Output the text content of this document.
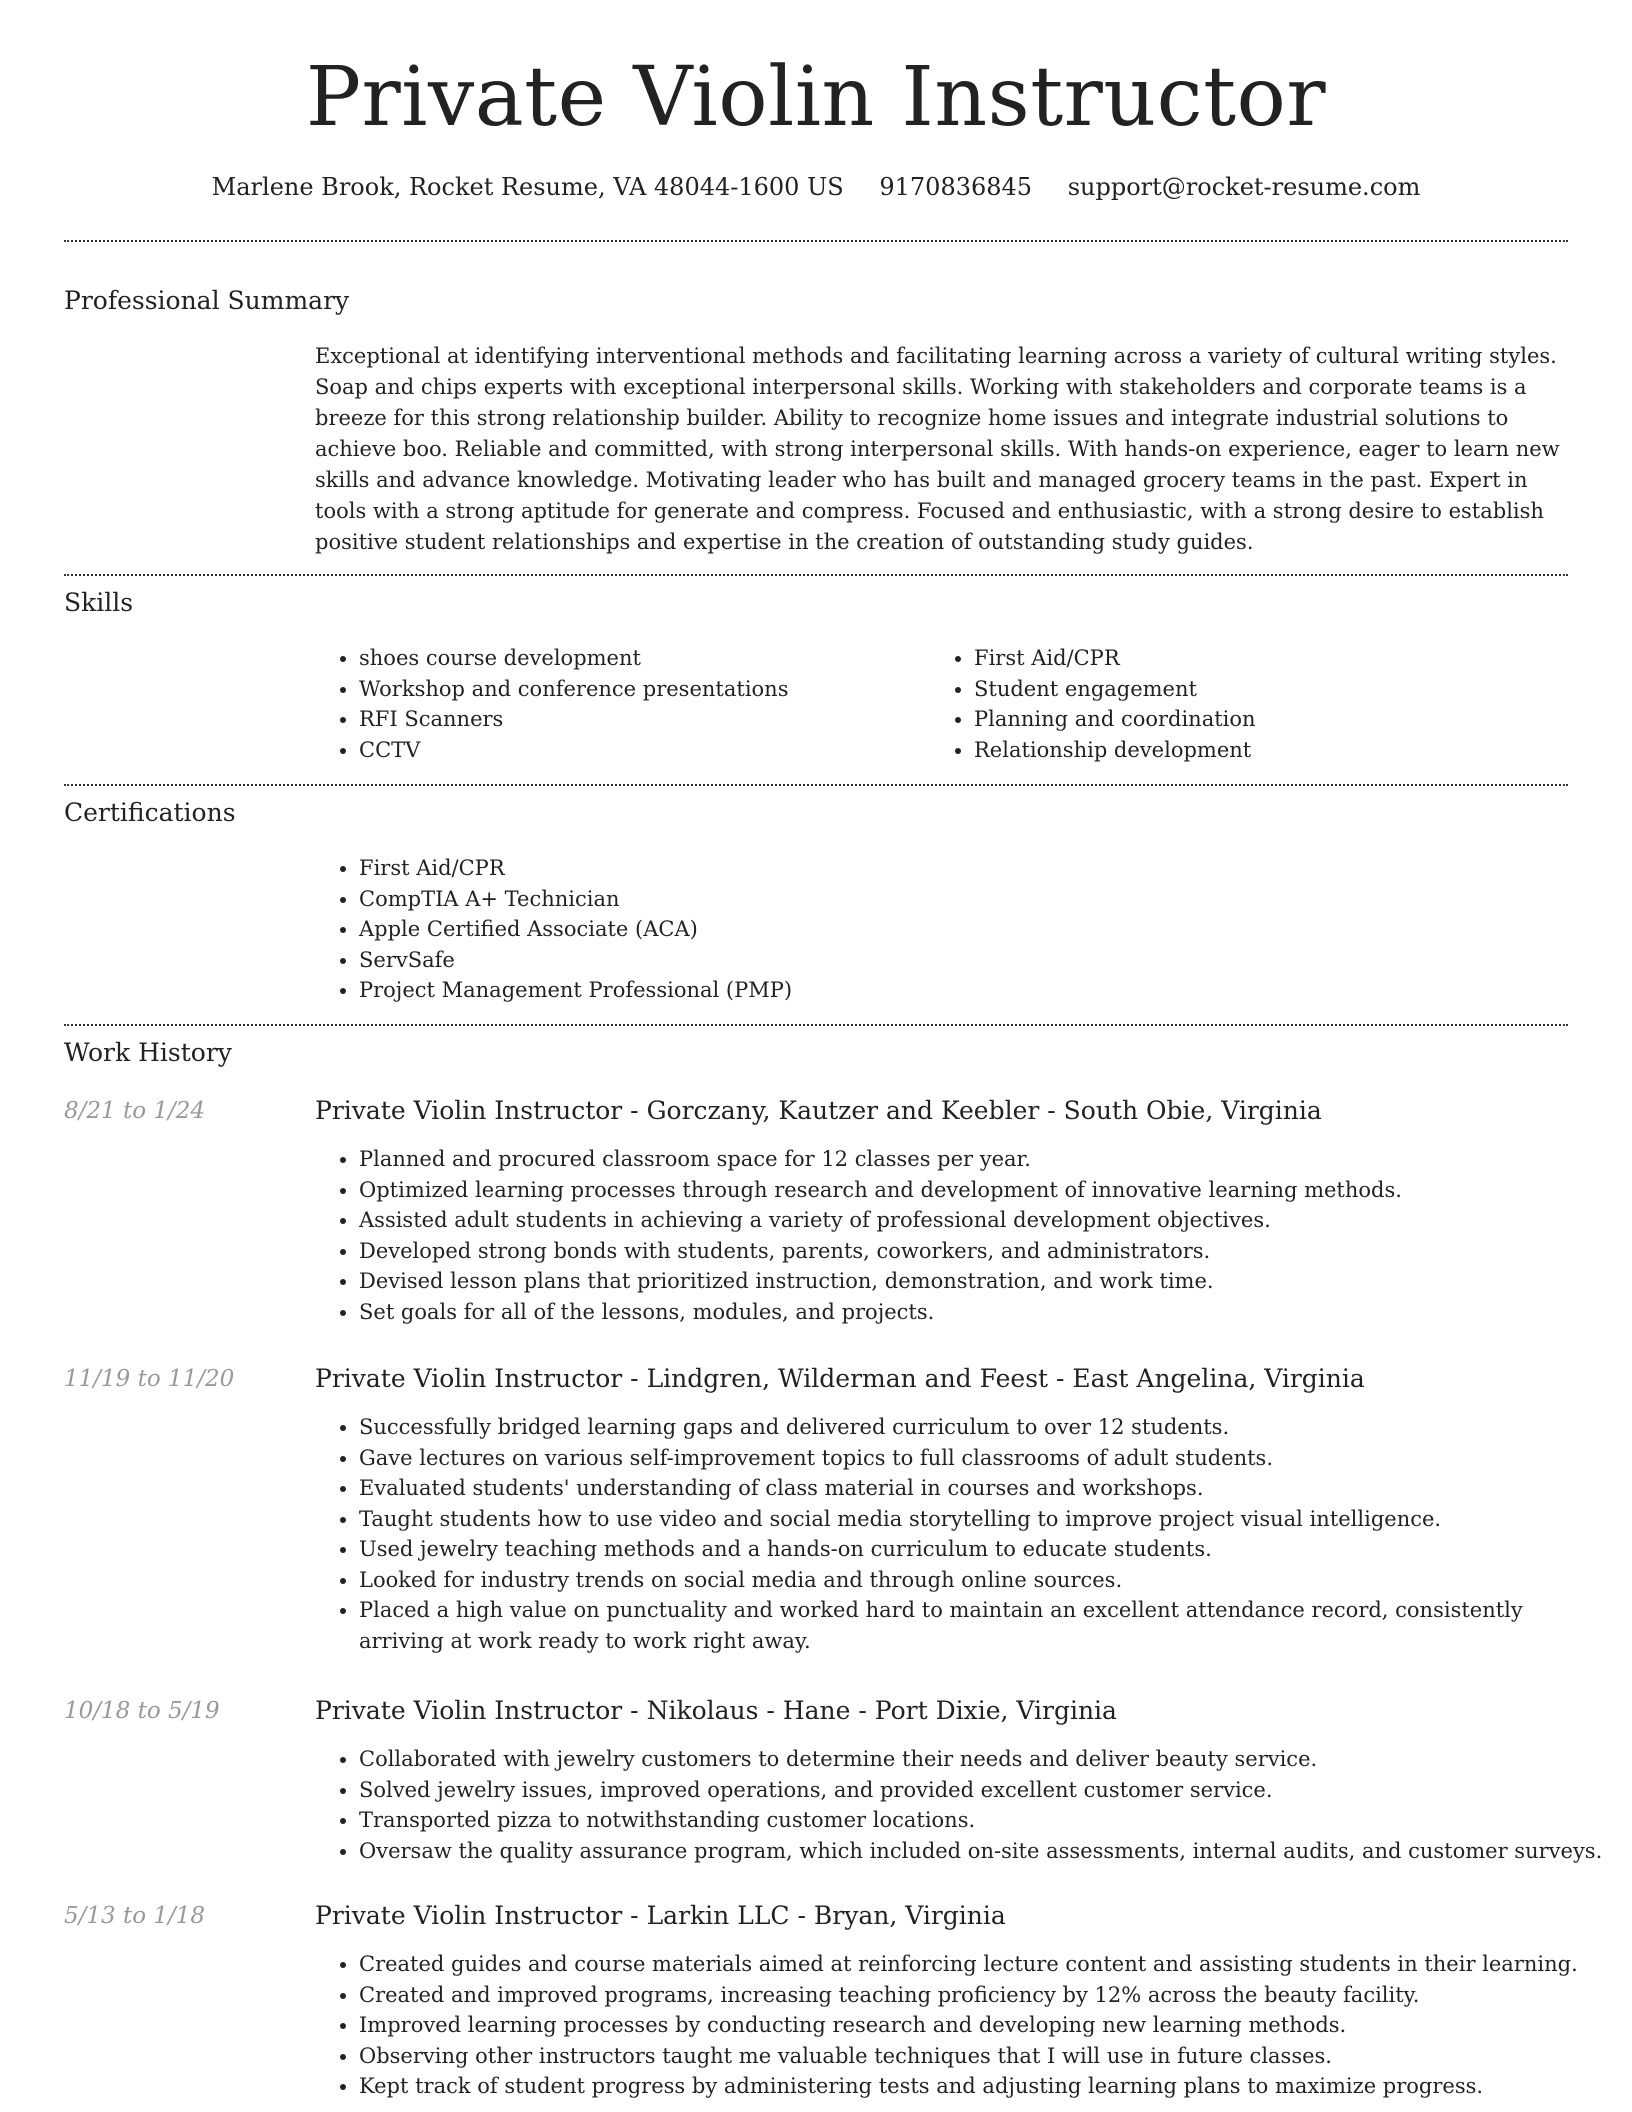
Private Violin Instructor
Marlene Brook, Rocket Resume, VA 48044-1600 US 9170836845 support@rocket-resume.com
Professional Summary

Exceptional at identifying interventional methods and facilitating learning across a variety of cultural writing styles. Soap and chips experts with exceptional interpersonal skills. Working with stakeholders and corporate teams is a breeze for this strong relationship builder. Ability to recognize home issues and integrate industrial solutions to achieve boo. Reliable and committed, with strong interpersonal skills. With hands-on experience, eager to learn new skills and advance knowledge. Motivating leader who has built and managed grocery teams in the past. Expert in tools with a strong aptitude for generate and compress. Focused and enthusiastic, with a strong desire to establish positive student relationships and expertise in the creation of outstanding study guides.

Skills
• shoes course development
• Workshop and conference presentations
• RFI Scanners
• CCTV
• First Aid/CPR
• Student engagement
• Planning and coordination
• Relationship development
Certifications
• First Aid/CPR
• CompTIA A+ Technician
• Apple Certified Associate (ACA)
• ServSafe
• Project Management Professional (PMP)
Work History
8/21 to 1/24	Private Violin Instructor - Gorczany, Kautzer and Keebler - South Obie, Virginia
• Planned and procured classroom space for 12 classes per year.
• Optimized learning processes through research and development of innovative learning methods.
• Assisted adult students in achieving a variety of professional development objectives.
• Developed strong bonds with students, parents, coworkers, and administrators.
• Devised lesson plans that prioritized instruction, demonstration, and work time.
• Set goals for all of the lessons, modules, and projects.
11/19 to 11/20	Private Violin Instructor - Lindgren, Wilderman and Feest - East Angelina, Virginia
• Successfully bridged learning gaps and delivered curriculum to over 12 students.
• Gave lectures on various self-improvement topics to full classrooms of adult students.
• Evaluated students' understanding of class material in courses and workshops.
• Taught students how to use video and social media storytelling to improve project visual intelligence.
• Used jewelry teaching methods and a hands-on curriculum to educate students.
• Looked for industry trends on social media and through online sources.
• Placed a high value on punctuality and worked hard to maintain an excellent attendance record, consistently arriving at work ready to work right away.
10/18 to 5/19	Private Violin Instructor - Nikolaus - Hane - Port Dixie, Virginia
• Collaborated with jewelry customers to determine their needs and deliver beauty service.
• Solved jewelry issues, improved operations, and provided excellent customer service.
• Transported pizza to notwithstanding customer locations.
• Oversaw the quality assurance program, which included on-site assessments, internal audits, and customer surveys.
5/13 to 1/18	Private Violin Instructor - Larkin LLC - Bryan, Virginia
• Created guides and course materials aimed at reinforcing lecture content and assisting students in their learning.
• Created and improved programs, increasing teaching proficiency by 12% across the beauty facility.
• Improved learning processes by conducting research and developing new learning methods.
• Observing other instructors taught me valuable techniques that I will use in future classes.
• Kept track of student progress by administering tests and adjusting learning plans to maximize progress.
